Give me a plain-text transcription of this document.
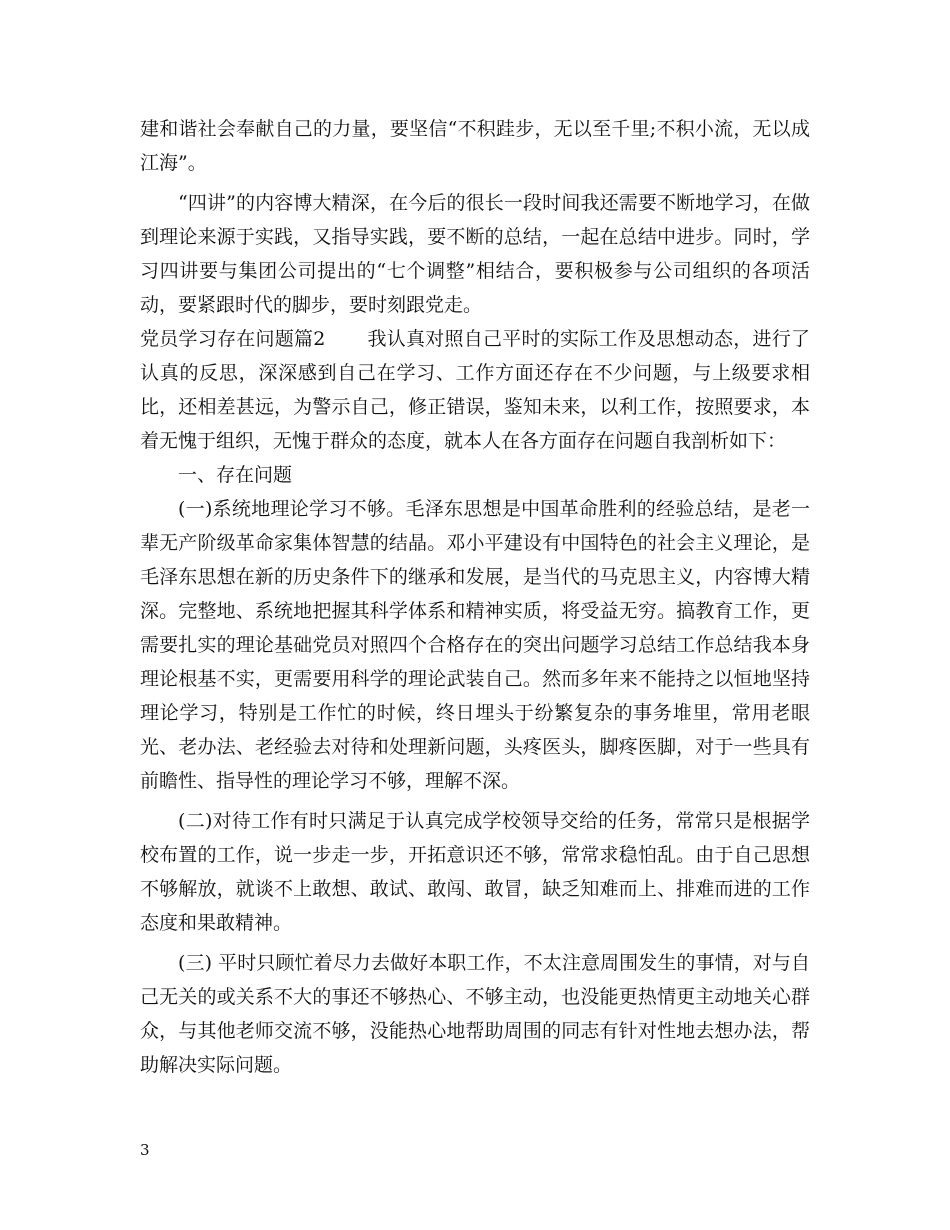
建和谐社会奉献自己的力量，要坚信“不积跬步，无以至千里;不积小流，无以成江海”。

“四讲”的内容博大精深，在今后的很长一段时间我还需要不断地学习，在做到理论来源于实践，又指导实践，要不断的总结，一起在总结中进步。同时，学习四讲要与集团公司提出的“七个调整”相结合，要积极参与公司组织的各项活动，要紧跟时代的脚步，要时刻跟党走。

党员学习存在问题篇2 我认真对照自己平时的实际工作及思想动态，进行了认真的反思，深深感到自己在学习、工作方面还存在不少问题，与上级要求相比，还相差甚远，为警示自己，修正错误，鉴知未来，以利工作，按照要求，本着无愧于组织，无愧于群众的态度，就本人在各方面存在问题自我剖析如下：

一、存在问题

(一)系统地理论学习不够。毛泽东思想是中国革命胜利的经验总结，是老一辈无产阶级革命家集体智慧的结晶。邓小平建设有中国特色的社会主义理论，是毛泽东思想在新的历史条件下的继承和发展，是当代的马克思主义，内容博大精深。完整地、系统地把握其科学体系和精神实质，将受益无穷。搞教育工作，更需要扎实的理论基础党员对照四个合格存在的突出问题学习总结工作总结我本身理论根基不实，更需要用科学的理论武装自己。然而多年来不能持之以恒地坚持理论学习，特别是工作忙的时候，终日埋头于纷繁复杂的事务堆里，常用老眼光、老办法、老经验去对待和处理新问题，头疼医头，脚疼医脚，对于一些具有前瞻性、指导性的理论学习不够，理解不深。

(二)对待工作有时只满足于认真完成学校领导交给的任务，常常只是根据学校布置的工作，说一步走一步，开拓意识还不够，常常求稳怕乱。由于自己思想不够解放，就谈不上敢想、敢试、敢闯、敢冒，缺乏知难而上、排难而进的工作态度和果敢精神。

(三) 平时只顾忙着尽力去做好本职工作，不太注意周围发生的事情，对与自己无关的或关系不大的事还不够热心、不够主动，也没能更热情更主动地关心群众，与其他老师交流不够，没能热心地帮助周围的同志有针对性地去想办法，帮助解决实际问题。

3
